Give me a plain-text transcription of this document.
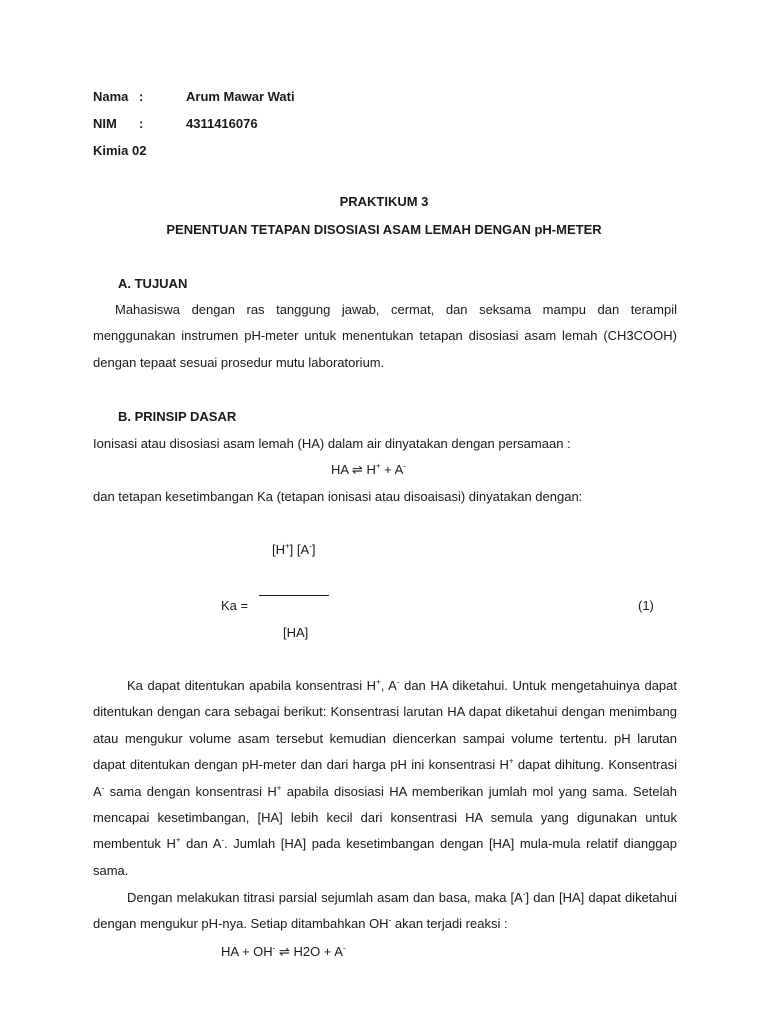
Nama :	Arum Mawar Wati
NIM :	4311416076
Kimia 02
PRAKTIKUM 3
PENENTUAN TETAPAN DISOSIASI ASAM LEMAH DENGAN pH-METER
A. TUJUAN
Mahasiswa dengan ras tanggung jawab, cermat, dan seksama mampu dan terampil menggunakan instrumen pH-meter untuk menentukan tetapan disosiasi asam lemah (CH3COOH) dengan tepaat sesuai prosedur mutu laboratorium.
B. PRINSIP DASAR
Ionisasi atau disosiasi asam lemah (HA) dalam air dinyatakan dengan persamaan :
HA ⇌ H+ + A-
dan tetapan kesetimbangan Ka (tetapan ionisasi atau disoaisasi) dinyatakan dengan:
[H+] [A-]
Ka =	(1)
[HA]
Ka dapat ditentukan apabila konsentrasi H+, A- dan HA diketahui. Untuk mengetahuinya dapat ditentukan dengan cara sebagai berikut: Konsentrasi larutan HA dapat diketahui dengan menimbang atau mengukur volume asam tersebut kemudian diencerkan sampai volume tertentu. pH larutan dapat ditentukan dengan pH-meter dan dari harga pH ini konsentrasi H+ dapat dihitung. Konsentrasi A- sama dengan konsentrasi H+ apabila disosiasi HA memberikan jumlah mol yang sama. Setelah mencapai kesetimbangan, [HA] lebih kecil dari konsentrasi HA semula yang digunakan untuk membentuk H+ dan A-. Jumlah [HA] pada kesetimbangan dengan [HA] mula-mula relatif dianggap sama.
Dengan melakukan titrasi parsial sejumlah asam dan basa, maka [A-] dan [HA] dapat diketahui dengan mengukur pH-nya. Setiap ditambahkan OH- akan terjadi reaksi :
HA + OH- ⇌ H2O + A-
